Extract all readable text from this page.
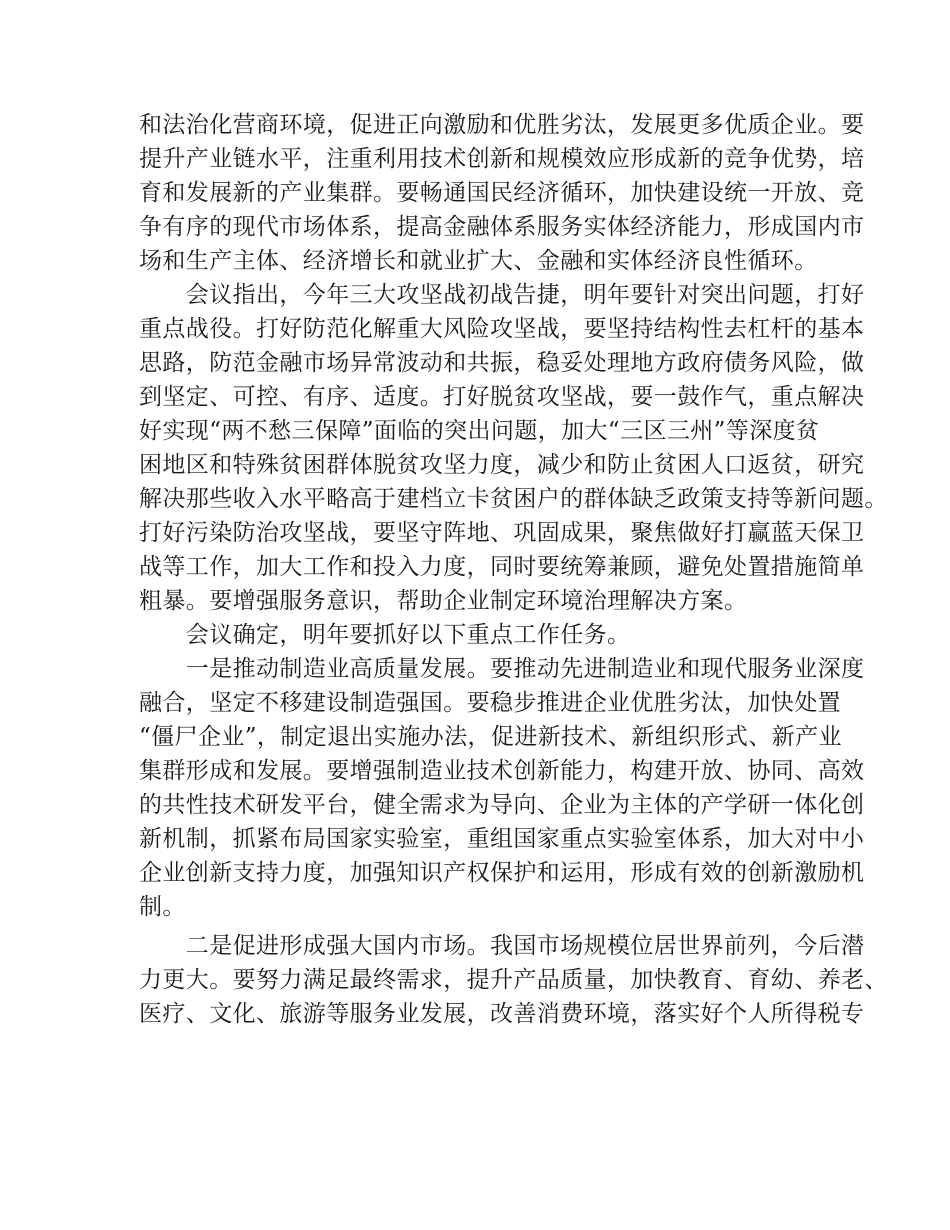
和法治化营商环境，促进正向激励和优胜劣汰，发展更多优质企业。要
提升产业链水平，注重利用技术创新和规模效应形成新的竞争优势，培
育和发展新的产业集群。要畅通国民经济循环，加快建设统一开放、竞
争有序的现代市场体系，提高金融体系服务实体经济能力，形成国内市
场和生产主体、经济增长和就业扩大、金融和实体经济良性循环。
　　会议指出，今年三大攻坚战初战告捷，明年要针对突出问题，打好
重点战役。打好防范化解重大风险攻坚战，要坚持结构性去杠杆的基本
思路，防范金融市场异常波动和共振，稳妥处理地方政府债务风险，做
到坚定、可控、有序、适度。打好脱贫攻坚战，要一鼓作气，重点解决
好实现“两不愁三保障”面临的突出问题，加大“三区三州”等深度贫
困地区和特殊贫困群体脱贫攻坚力度，减少和防止贫困人口返贫，研究
解决那些收入水平略高于建档立卡贫困户的群体缺乏政策支持等新问题。
打好污染防治攻坚战，要坚守阵地、巩固成果，聚焦做好打赢蓝天保卫
战等工作，加大工作和投入力度，同时要统筹兼顾，避免处置措施简单
粗暴。要增强服务意识，帮助企业制定环境治理解决方案。
　　会议确定，明年要抓好以下重点工作任务。
　　一是推动制造业高质量发展。要推动先进制造业和现代服务业深度
融合，坚定不移建设制造强国。要稳步推进企业优胜劣汰，加快处置
“僵尸企业”，制定退出实施办法，促进新技术、新组织形式、新产业
集群形成和发展。要增强制造业技术创新能力，构建开放、协同、高效
的共性技术研发平台，健全需求为导向、企业为主体的产学研一体化创
新机制，抓紧布局国家实验室，重组国家重点实验室体系，加大对中小
企业创新支持力度，加强知识产权保护和运用，形成有效的创新激励机
制。
　　二是促进形成强大国内市场。我国市场规模位居世界前列，今后潜
力更大。要努力满足最终需求，提升产品质量，加快教育、育幼、养老、
医疗、文化、旅游等服务业发展，改善消费环境，落实好个人所得税专
